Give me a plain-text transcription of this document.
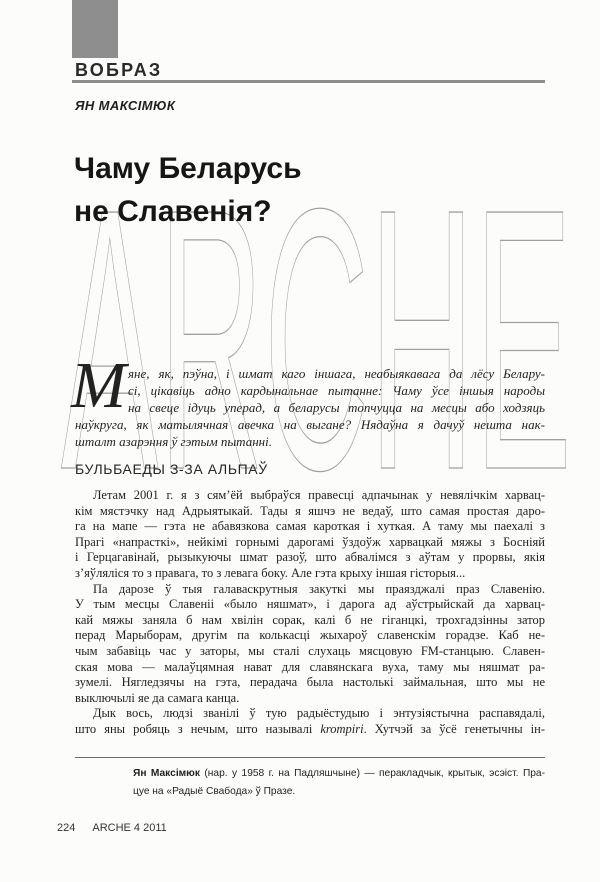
ARCHE
ВОБРАЗ
ЯН МАКСІМЮК
Чаму Беларусь
не Славенія?
М яне, як, пэўна, і шмат каго іншага, неабыякавага да лёсу Белару-
сі, цікавіць адно кардынальнае пытанне: Чаму ўсе іншыя народы
на свеце ідуць уперад, а беларусы топчуцца на месцы або ходзяць
наўкруга, як матылячная авечка на выгане? Нядаўна я дачуў нешта нак-
шталт азарэння ў гэтым пытанні.
БУЛЬБАЕДЫ З-ЗА АЛЬПАЎ
Летам 2001 г. я з сям’ёй выбраўся правесці адпачынак у невялічкім харвац-
кім мястэчку над Адрыятыкай. Тады я яшчэ не ведаў, што самая простая даро-
га на мапе — гэта не абавязкова самая кароткая і хуткая. А таму мы паехалі з
Прагі «напрасткі», нейкімі горнымі дарогамі ўздоўж харвацкай мяжы з Босніяй
і Герцагавінай, рызыкуючы шмат разоў, што абвалімся з аўтам у прорвы, якія
з’яўляліся то з правага, то з левага боку. Але гэта крыху іншая гісторыя...
Па дарозе ў тыя галаваскрутныя закуткі мы праязджалі праз Славенію.
У тым месцы Славеніі «было няшмат», і дарога ад аўстрыйскай да харвац-
кай мяжы заняла б нам хвілін сорак, калі б не гіганцкі, трохгадзінны затор
перад Марыборам, другім па колькасці жыхароў славенскім горадзе. Каб не-
чым забавіць час у заторы, мы сталі слухаць мясцовую FM-станцыю. Славен-
ская мова — малаўцямная нават для славянскага вуха, таму мы няшмат ра-
зумелі. Нягледзячы на гэта, перадача была настолькі займальная, што мы не
выключылі яе да самага канца.
Дык вось, людзі званілі ў тую радыёстудыю і энтузіястычна распавядалі,
што яны робяць з нечым, што называлі krompiri. Хутчэй за ўсё генетычны ін-
Ян Максімюк (нар. у 1958 г. на Падляшчыне) — перакладчык, крытык, эсэіст. Пра-
цуе на «Радыё Свабода» ў Празе.
224 ARCHE 4 2011
